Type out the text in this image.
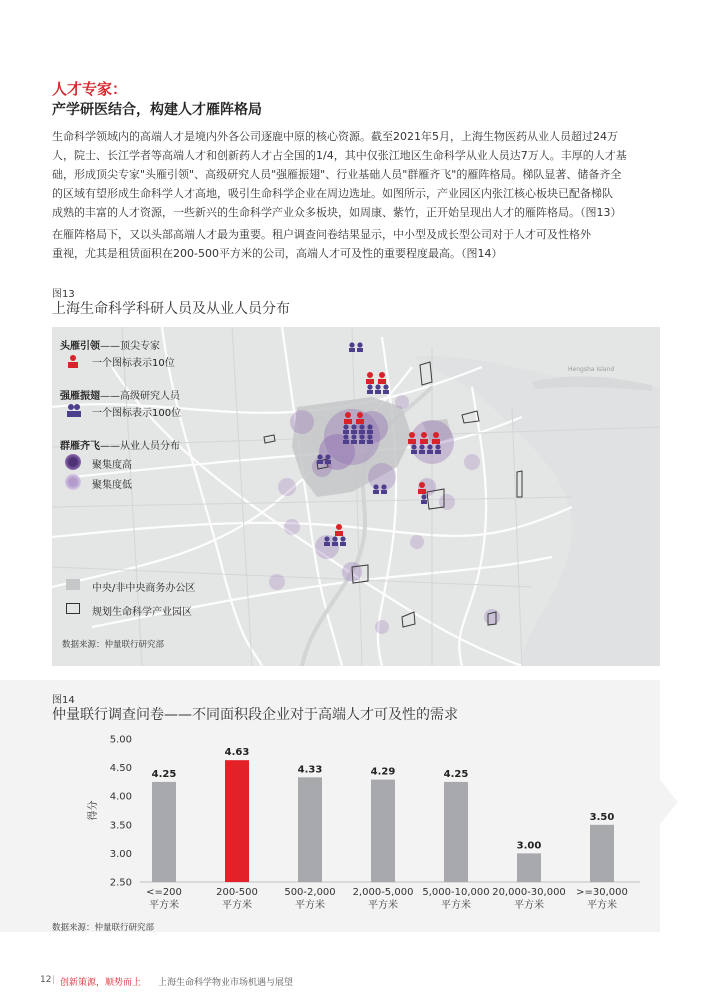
人才专家：
产学研医结合，构建人才雁阵格局
生命科学领域内的高端人才是境内外各公司逐鹿中原的核心资源。截至2021年5月，上海生物医药从业人员超过24万
人，院士、长江学者等高端人才和创新药人才占全国的1/4，其中仅张江地区生命科学从业人员达7万人。丰厚的人才基
础，形成顶尖专家"头雁引领"、高级研究人员"强雁振翅"、行业基础人员"群雁齐飞"的雁阵格局。梯队显著、储备齐全
的区域有望形成生命科学人才高地，吸引生命科学企业在周边选址。如图所示，产业园区内张江核心板块已配备梯队
成熟的丰富的人才资源，一些新兴的生命科学产业众多板块，如周康、紫竹，正开始呈现出人才的雁阵格局。（图13）
在雁阵格局下，又以头部高端人才最为重要。租户调查问卷结果显示，中小型及成长型公司对于人才可及性格外
重视，尤其是租赁面积在200-500平方米的公司，高端人才可及性的重要程度最高。（图14）
图13
上海生命科学科研人员及从业人员分布
Hengsha Island
头雁引领——顶尖专家
一个图标表示10位
强雁振翅——高级研究人员
一个图标表示100位
群雁齐飞——从业人员分布
聚集度高
聚集度低
中央/非中央商务办公区
规划生命科学产业园区
数据来源：仲量联行研究部
图14
仲量联行调查问卷——不同面积段企业对于高端人才可及性的需求
得分
5.00
4.50
4.00
3.50
3.00
2.50
4.25
<=200
平方米
4.63
200-500
平方米
4.33
500-2,000
平方米
4.29
2,000-5,000
平方米
4.25
5,000-10,000
平方米
3.00
20,000-30,000
平方米
3.50
>=30,000
平方米
数据来源：仲量联行研究部
12 | 创新策源，顺势而上 上海生命科学物业市场机遇与展望
